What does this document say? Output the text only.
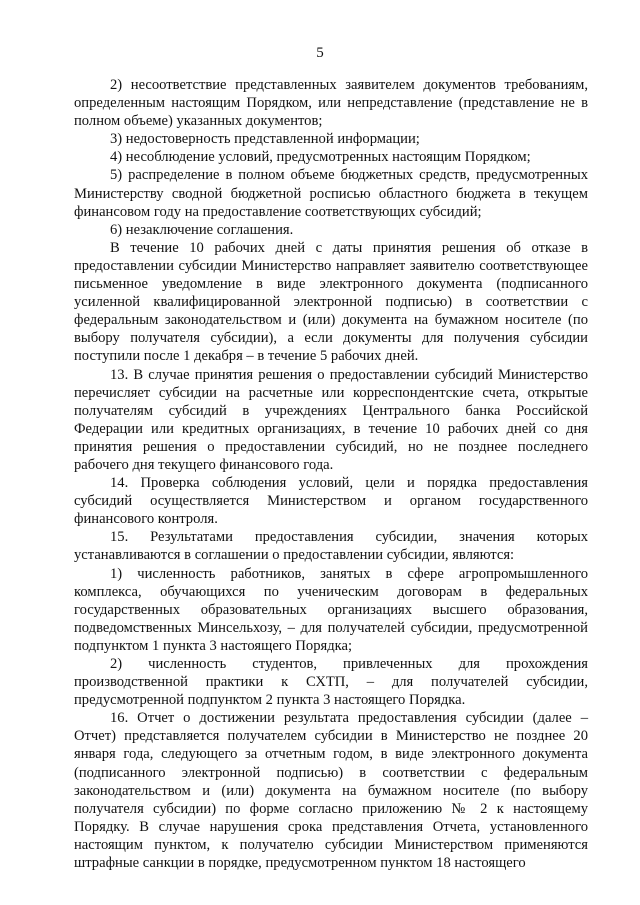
5

2) несоответствие представленных заявителем документов требованиям, определенным настоящим Порядком, или непредставление (представление не в полном объеме) указанных документов;

3) недостоверность представленной информации;

4) несоблюдение условий, предусмотренных настоящим Порядком;

5) распределение в полном объеме бюджетных средств, предусмотренных Министерству сводной бюджетной росписью областного бюджета в текущем финансовом году на предоставление соответствующих субсидий;

6) незаключение соглашения.

В течение 10 рабочих дней с даты принятия решения об отказе в предоставлении субсидии Министерство направляет заявителю соответствующее письменное уведомление в виде электронного документа (подписанного усиленной квалифицированной электронной подписью) в соответствии с федеральным законодательством и (или) документа на бумажном носителе (по выбору получателя субсидии), а если документы для получения субсидии поступили после 1 декабря – в течение 5 рабочих дней.

13. В случае принятия решения о предоставлении субсидий Министерство перечисляет субсидии на расчетные или корреспондентские счета, открытые получателям субсидий в учреждениях Центрального банка Российской Федерации или кредитных организациях, в течение 10 рабочих дней со дня принятия решения о предоставлении субсидий, но не позднее последнего рабочего дня текущего финансового года.

14. Проверка соблюдения условий, цели и порядка предоставления субсидий осуществляется Министерством и органом государственного финансового контроля.

15. Результатами предоставления субсидии, значения которых устанавливаются в соглашении о предоставлении субсидии, являются:

1) численность работников, занятых в сфере агропромышленного комплекса, обучающихся по ученическим договорам в федеральных государственных образовательных организациях высшего образования, подведомственных Минсельхозу, – для получателей субсидии, предусмотренной подпунктом 1 пункта 3 настоящего Порядка;

2) численность студентов, привлеченных для прохождения производственной практики к СХТП, – для получателей субсидии, предусмотренной подпунктом 2 пункта 3 настоящего Порядка.

16. Отчет о достижении результата предоставления субсидии (далее – Отчет) представляется получателем субсидии в Министерство не позднее 20 января года, следующего за отчетным годом, в виде электронного документа (подписанного электронной подписью) в соответствии с федеральным законодательством и (или) документа на бумажном носителе (по выбору получателя субсидии) по форме согласно приложению № 2 к настоящему Порядку. В случае нарушения срока представления Отчета, установленного настоящим пунктом, к получателю субсидии Министерством применяются штрафные санкции в порядке, предусмотренном пунктом 18 настоящего
